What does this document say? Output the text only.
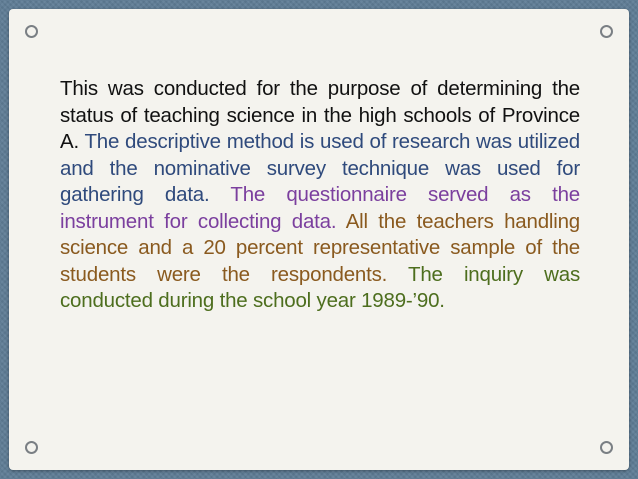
This was conducted for the purpose of determining the status of teaching science in the high schools of Province A. The descriptive method is used of research was utilized and the nominative survey technique was used for gathering data. The questionnaire served as the instrument for collecting data. All the teachers handling science and a 20 percent representative sample of the students were the respondents. The inquiry was conducted during the school year 1989-’90.
